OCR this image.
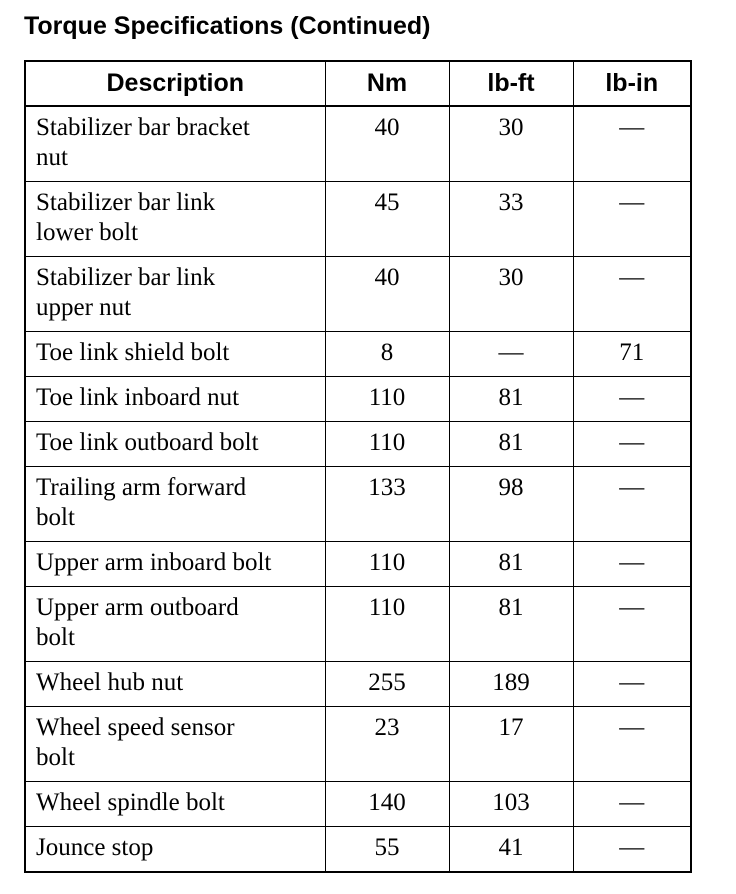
Torque Specifications (Continued)
Description	Nm	lb-ft	lb-in
Stabilizer bar bracket
nut	40	30	—
Stabilizer bar link
lower bolt	45	33	—
Stabilizer bar link
upper nut	40	30	—
Toe link shield bolt	8	—	71
Toe link inboard nut	110	81	—
Toe link outboard bolt	110	81	—
Trailing arm forward
bolt	133	98	—
Upper arm inboard bolt	110	81	—
Upper arm outboard
bolt	110	81	—
Wheel hub nut	255	189	—
Wheel speed sensor
bolt	23	17	—
Wheel spindle bolt	140	103	—
Jounce stop	55	41	—
